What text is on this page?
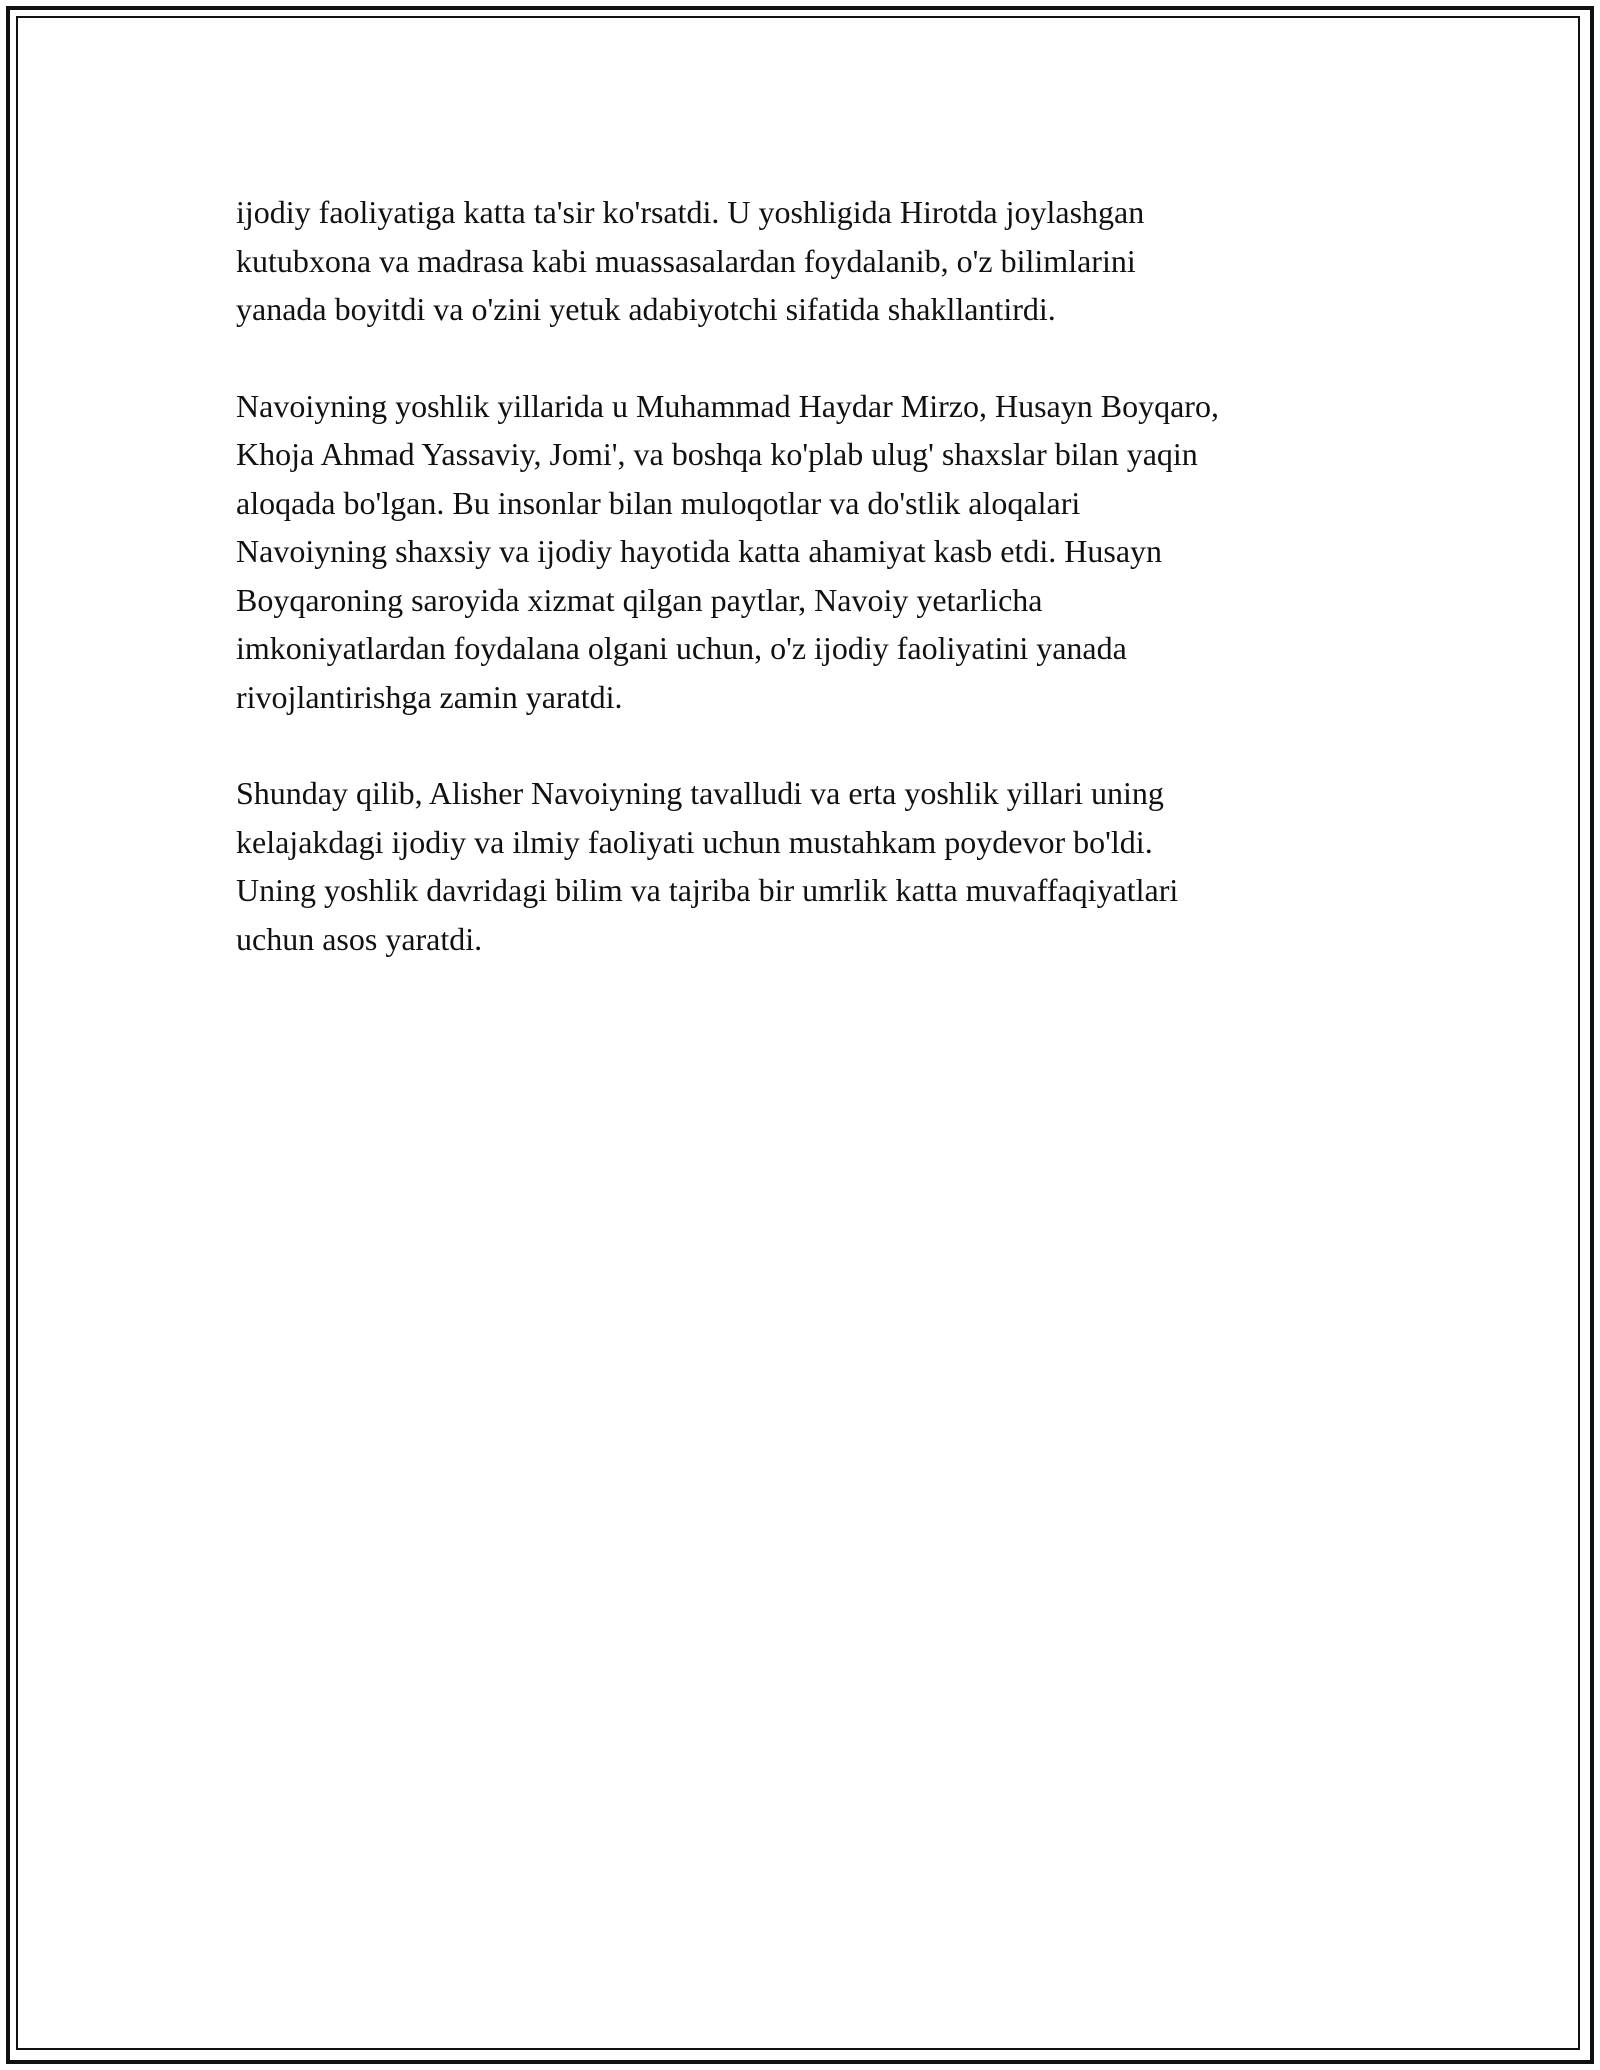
ijodiy faoliyatiga katta ta'sir ko'rsatdi. U yoshligida Hirotda joylashgan
kutubxona va madrasa kabi muassasalardan foydalanib, o'z bilimlarini
yanada boyitdi va o'zini yetuk adabiyotchi sifatida shakllantirdi.

Navoiyning yoshlik yillarida u Muhammad Haydar Mirzo, Husayn Boyqaro,
Khoja Ahmad Yassaviy, Jomi', va boshqa ko'plab ulug' shaxslar bilan yaqin
aloqada bo'lgan. Bu insonlar bilan muloqotlar va do'stlik aloqalari
Navoiyning shaxsiy va ijodiy hayotida katta ahamiyat kasb etdi. Husayn
Boyqaroning saroyida xizmat qilgan paytlar, Navoiy yetarlicha
imkoniyatlardan foydalana olgani uchun, o'z ijodiy faoliyatini yanada
rivojlantirishga zamin yaratdi.

Shunday qilib, Alisher Navoiyning tavalludi va erta yoshlik yillari uning
kelajakdagi ijodiy va ilmiy faoliyati uchun mustahkam poydevor bo'ldi.
Uning yoshlik davridagi bilim va tajriba bir umrlik katta muvaffaqiyatlari
uchun asos yaratdi.
